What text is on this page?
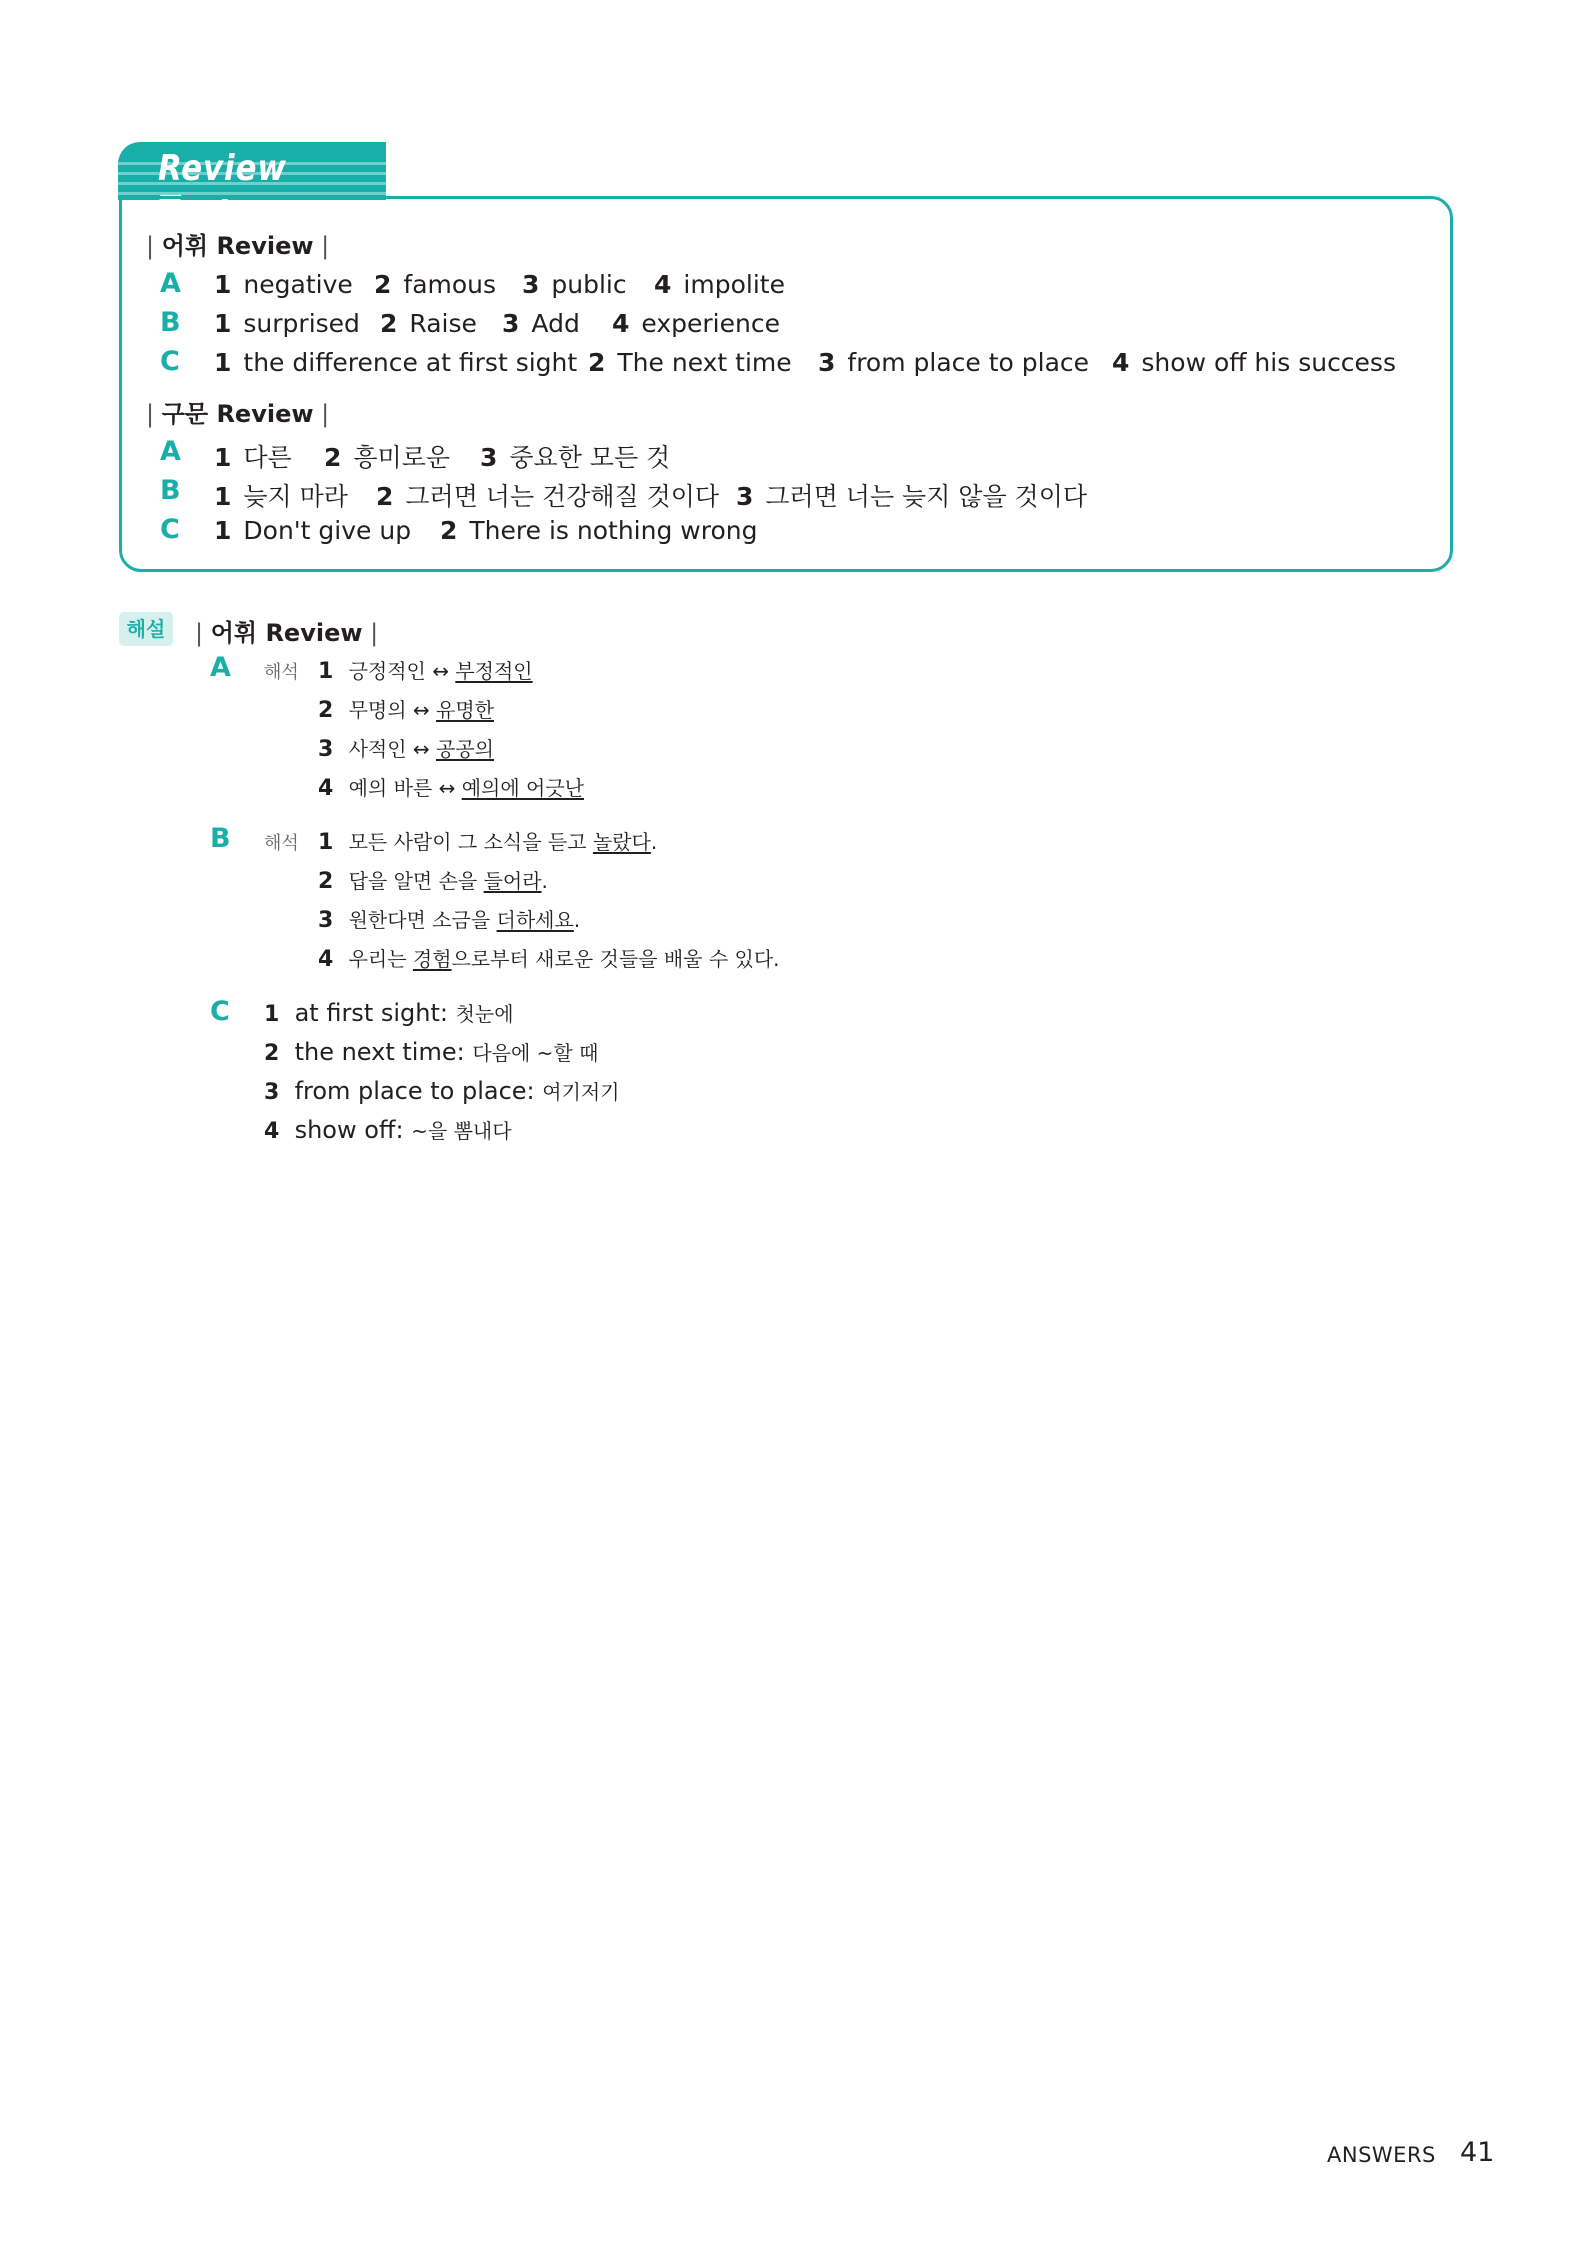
Review Test
| 어휘 Review |
A	1 negative 2 famous 3 public 4 impolite
B	1 surprised 2 Raise 3 Add 4 experience
C	1 the difference at first sight 2 The next time 3 from place to place 4 show off his success
| 구문 Review |
A	1 다른 2 흥미로운 3 중요한 모든 것
B	1 늦지 마라 2 그러면 너는 건강해질 것이다 3 그러면 너는 늦지 않을 것이다
C	1 Don't give up 2 There is nothing wrong
해설	| 어휘 Review |
A 해석 1 긍정적인 ↔ 부정적인
2 무명의 ↔ 유명한
3 사적인 ↔ 공공의
4 예의 바른 ↔ 예의에 어긋난
B 해석 1 모든 사람이 그 소식을 듣고 놀랐다.
2 답을 알면 손을 들어라.
3 원한다면 소금을 더하세요.
4 우리는 경험으로부터 새로운 것들을 배울 수 있다.
C 1 at first sight: 첫눈에
2 the next time: 다음에 ~할 때
3 from place to place: 여기저기
4 show off: ~을 뽐내다
ANSWERS 41
